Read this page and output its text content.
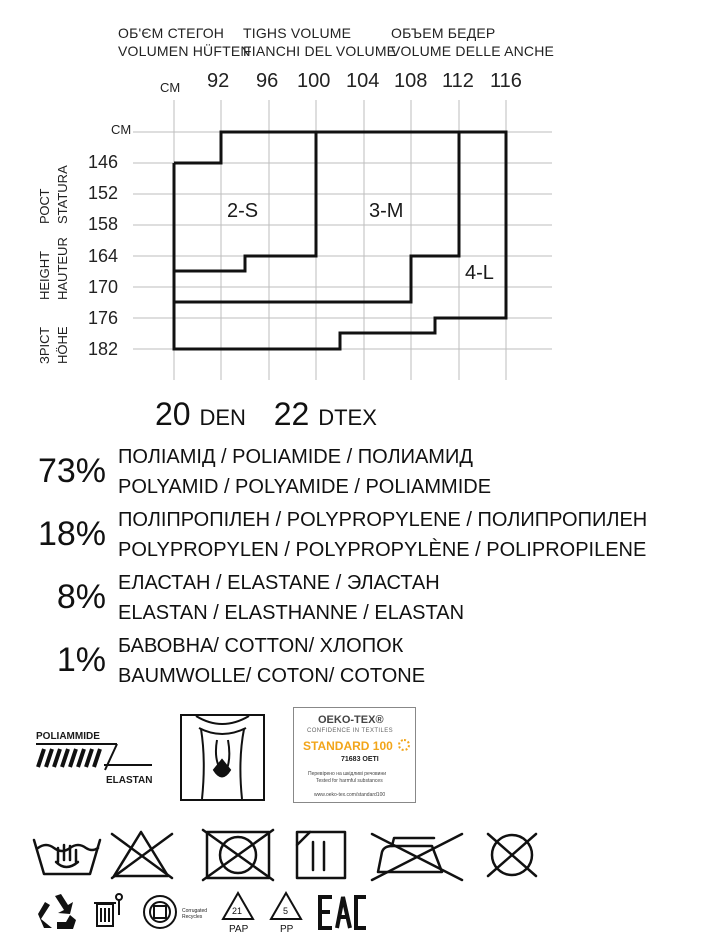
ОБ'ЄМ СТЕГОН
VOLUMEN HÜFTEN
TIGHS VOLUME
FIANCHI DEL VOLUME
ОБЪЕМ БЕДЕР
VOLUME DELLE ANCHE
CM 92 96 100 104 108 112 116
CM
146
152
158
164
170
176
182
РОСТ STATURA
HEIGHT HAUTEUR
ЗРІСТ HÖHE
2-S	3-M
4-L
20 DEN 22 DTEX
73% ПОЛІАМІД / POLIAMIDE / ПОЛИАМИД
POLYAMID / POLYAMIDE / POLIAMMIDE
18% ПОЛІПРОПІЛЕН / POLYPROPYLENE / ПОЛИПРОПИЛЕН
POLYPROPYLEN / POLYPROPYLÈNE / POLIPROPILENE
8% ЕЛАСТАН / ELASTANE / ЭЛАСТАН
ELASTAN / ELASTHANNE / ELASTAN
1% БАВОВНА/ COTTON/ ХЛОПОК
BAUMWOLLE/ COTON/ COTONE
POLIAMMIDE
ELASTAN
OEKO-TEX®
CONFIDENCE IN TEXTILES
STANDARD 100
71683 OETI
Перевірено на шкідливі речовини
Tested for harmful substances
www.oeko-tex.com/standard100
Corrugated Recycles
21
PAP
5
PP
